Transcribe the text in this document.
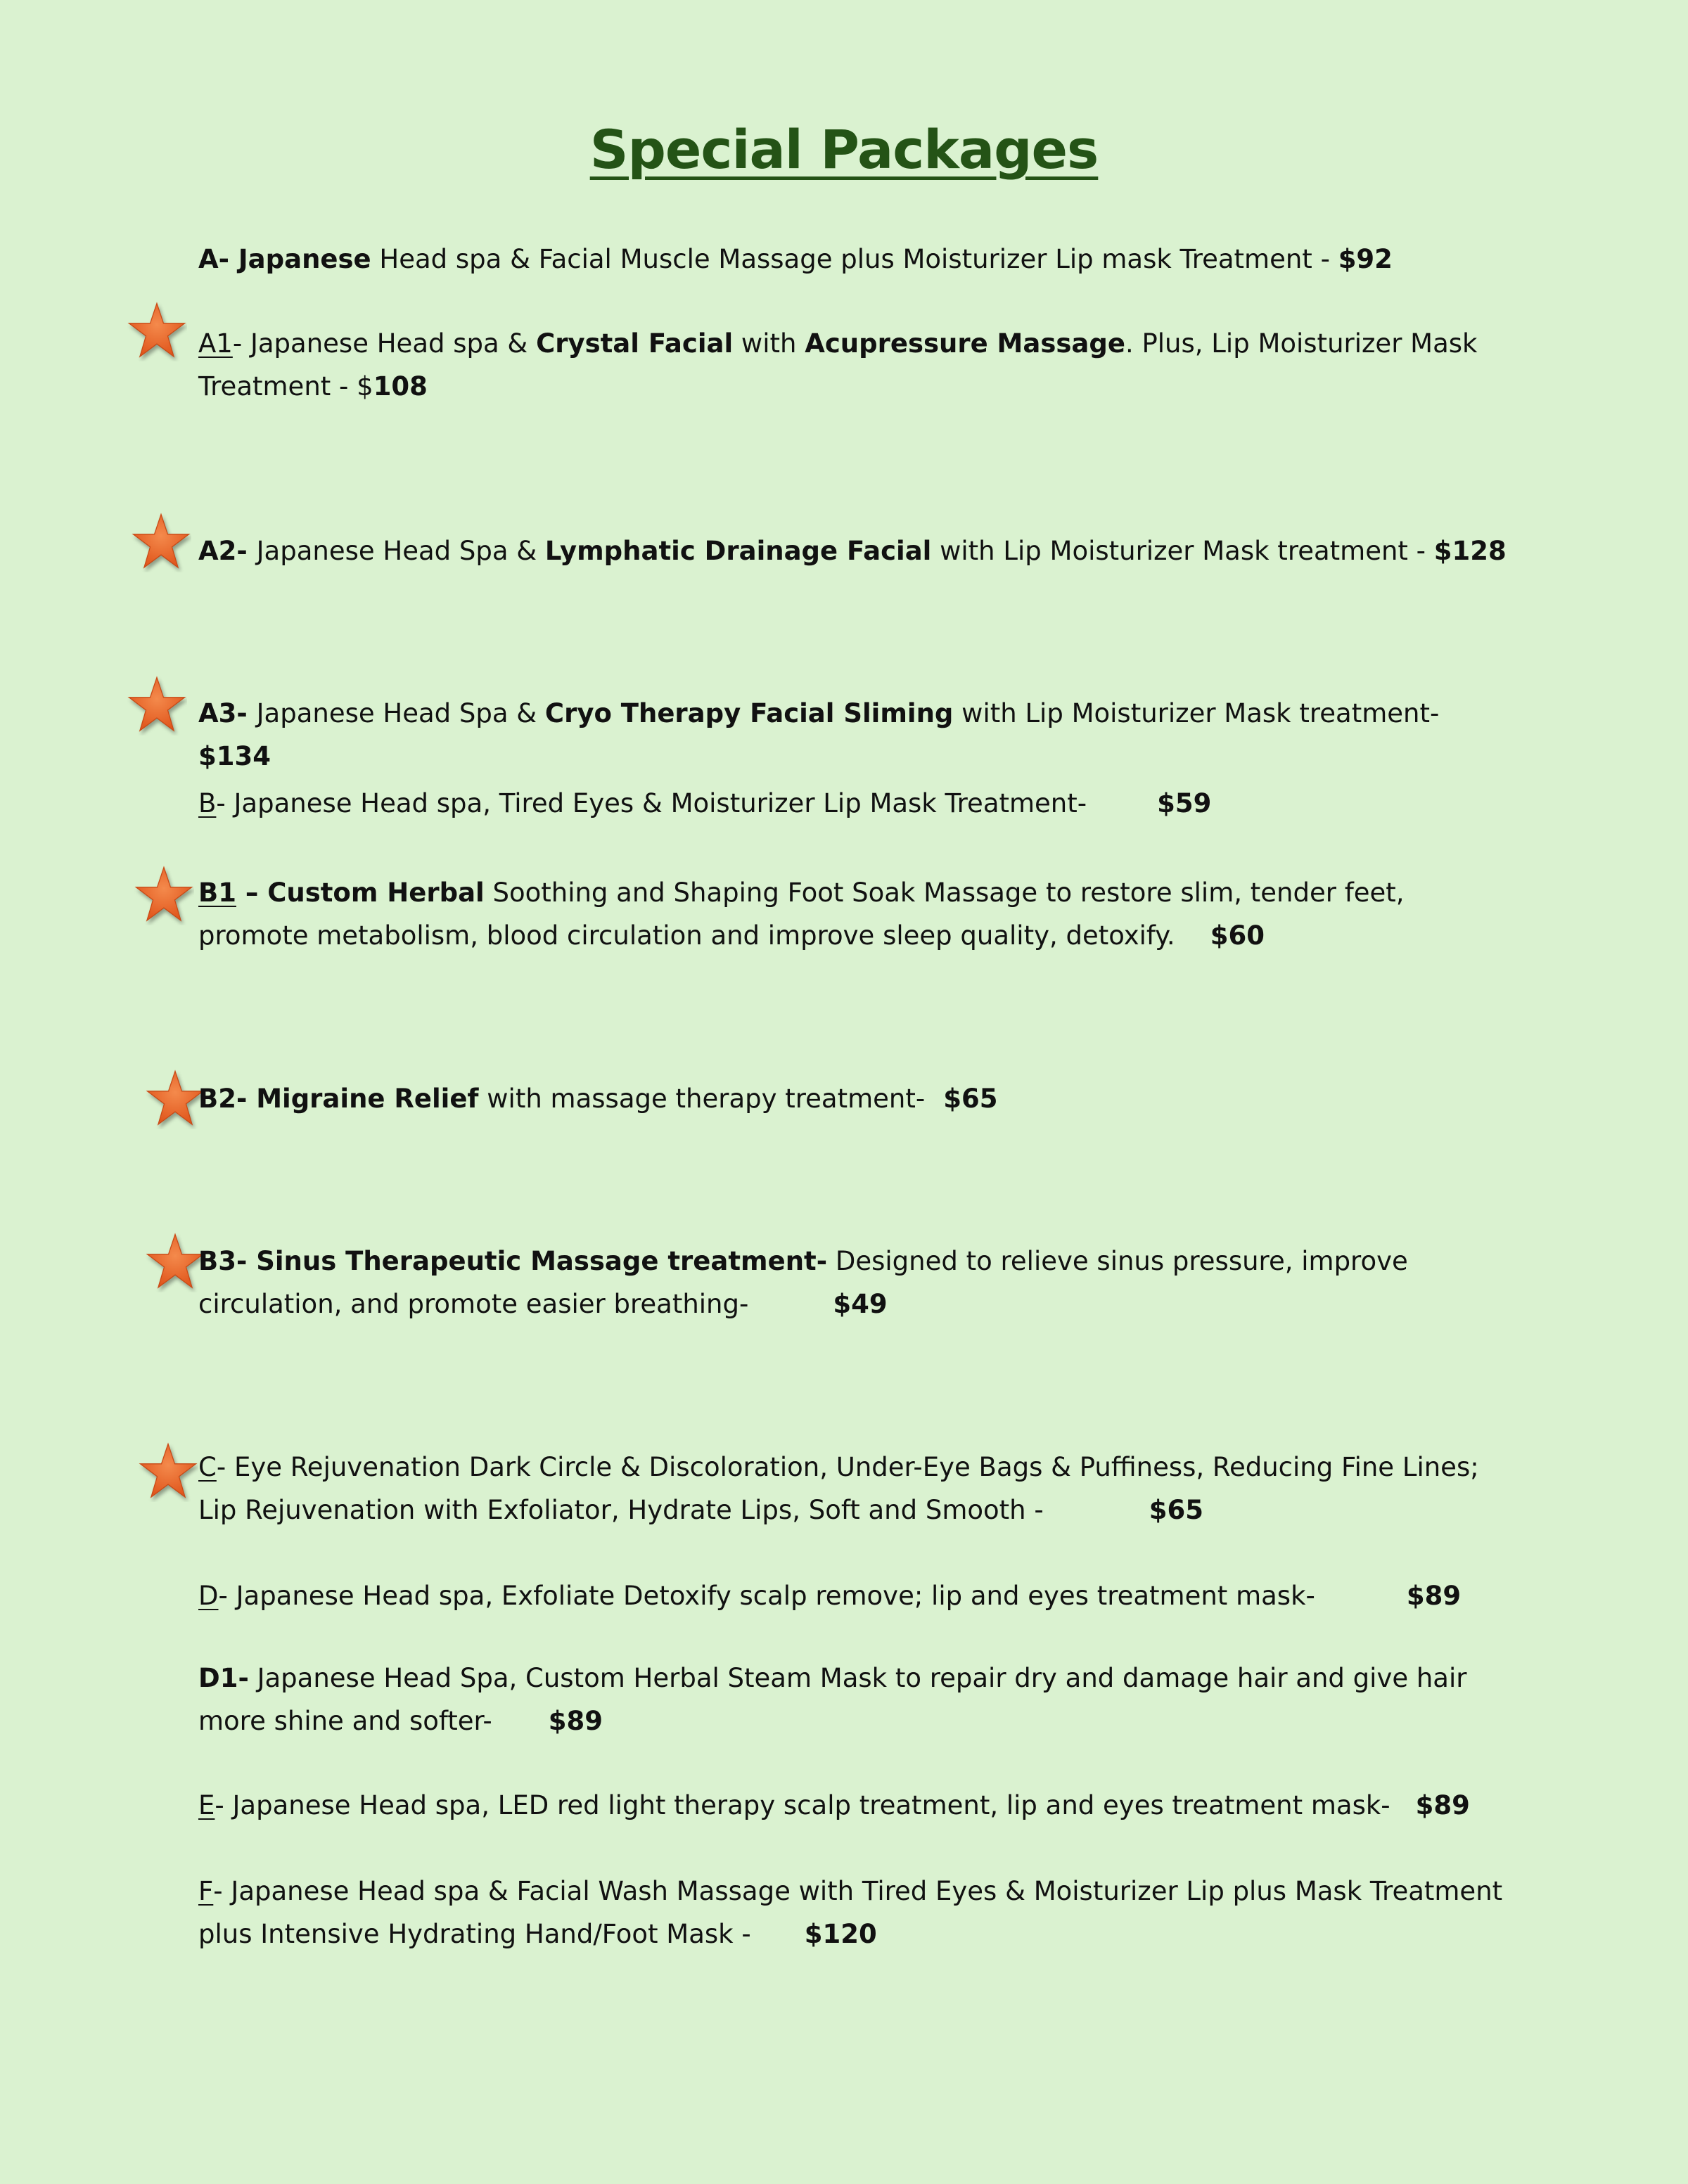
Special Packages
A- Japanese Head spa & Facial Muscle Massage plus Moisturizer Lip mask Treatment - $92
A1- Japanese Head spa & Crystal Facial with Acupressure Massage. Plus, Lip Moisturizer Mask Treatment - $108
A2- Japanese Head Spa & Lymphatic Drainage Facial with Lip Moisturizer Mask treatment - $128
A3- Japanese Head Spa & Cryo Therapy Facial Sliming with Lip Moisturizer Mask treatment- $134
B- Japanese Head spa, Tired Eyes & Moisturizer Lip Mask Treatment-	$59
B1 – Custom Herbal Soothing and Shaping Foot Soak Massage to restore slim, tender feet, promote metabolism, blood circulation and improve sleep quality, detoxify. $60
B2- Migraine Relief with massage therapy treatment- $65
B3- Sinus Therapeutic Massage treatment- Designed to relieve sinus pressure, improve circulation, and promote easier breathing-	$49
C- Eye Rejuvenation Dark Circle & Discoloration, Under-Eye Bags & Puffiness, Reducing Fine Lines; Lip Rejuvenation with Exfoliator, Hydrate Lips, Soft and Smooth -	$65
D- Japanese Head spa, Exfoliate Detoxify scalp remove; lip and eyes treatment mask-	$89
D1- Japanese Head Spa, Custom Herbal Steam Mask to repair dry and damage hair and give hair more shine and softer- $89
E- Japanese Head spa, LED red light therapy scalp treatment, lip and eyes treatment mask- $89
F- Japanese Head spa & Facial Wash Massage with Tired Eyes & Moisturizer Lip plus Mask Treatment plus Intensive Hydrating Hand/Foot Mask - $120
